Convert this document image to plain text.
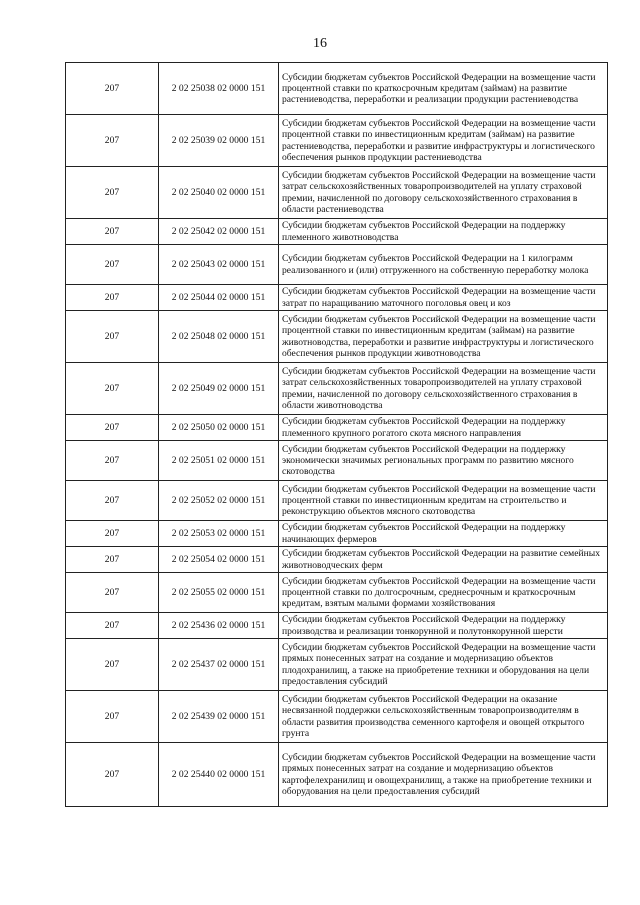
16
207	2 02 25038 02 0000 151	Субсидии бюджетам субъектов Российской Федерации на возмещение части процентной ставки по краткосрочным кредитам (займам) на развитие растениеводства, переработки и реализации продукции растениеводства
207	2 02 25039 02 0000 151	Субсидии бюджетам субъектов Российской Федерации на возмещение части процентной ставки по инвестиционным кредитам (займам) на развитие растениеводства, переработки и развитие инфраструктуры и логистического обеспечения рынков продукции растениеводства
207	2 02 25040 02 0000 151	Субсидии бюджетам субъектов Российской Федерации на возмещение части затрат сельскохозяйственных товаропроизводителей на уплату страховой премии, начисленной по договору сельскохозяйственного страхования в области растениеводства
207	2 02 25042 02 0000 151	Субсидии бюджетам субъектов Российской Федерации на поддержку племенного животноводства
207	2 02 25043 02 0000 151	Субсидии бюджетам субъектов Российской Федерации на 1 килограмм реализованного и (или) отгруженного на собственную переработку молока
207	2 02 25044 02 0000 151	Субсидии бюджетам субъектов Российской Федерации на возмещение части затрат по наращиванию маточного поголовья овец и коз
207	2 02 25048 02 0000 151	Субсидии бюджетам субъектов Российской Федерации на возмещение части процентной ставки по инвестиционным кредитам (займам) на развитие животноводства, переработки и развитие инфраструктуры и логистического обеспечения рынков продукции животноводства
207	2 02 25049 02 0000 151	Субсидии бюджетам субъектов Российской Федерации на возмещение части затрат сельскохозяйственных товаропроизводителей на уплату страховой премии, начисленной по договору сельскохозяйственного страхования в области животноводства
207	2 02 25050 02 0000 151	Субсидии бюджетам субъектов Российской Федерации на поддержку племенного крупного рогатого скота мясного направления
207	2 02 25051 02 0000 151	Субсидии бюджетам субъектов Российской Федерации на поддержку экономически значимых региональных программ по развитию мясного скотоводства
207	2 02 25052 02 0000 151	Субсидии бюджетам субъектов Российской Федерации на возмещение части процентной ставки по инвестиционным кредитам на строительство и реконструкцию объектов мясного скотоводства
207	2 02 25053 02 0000 151	Субсидии бюджетам субъектов Российской Федерации на поддержку начинающих фермеров
207	2 02 25054 02 0000 151	Субсидии бюджетам субъектов Российской Федерации на развитие семейных животноводческих ферм
207	2 02 25055 02 0000 151	Субсидии бюджетам субъектов Российской Федерации на возмещение части процентной ставки по долгосрочным, среднесрочным и краткосрочным кредитам, взятым малыми формами хозяйствования
207	2 02 25436 02 0000 151	Субсидии бюджетам субъектов Российской Федерации на поддержку производства и реализации тонкорунной и полутонкорунной шерсти
207	2 02 25437 02 0000 151	Субсидии бюджетам субъектов Российской Федерации на возмещение части прямых понесенных затрат на создание и модернизацию объектов плодохранилищ, а также на приобретение техники и оборудования на цели предоставления субсидий
207	2 02 25439 02 0000 151	Субсидии бюджетам субъектов Российской Федерации на оказание несвязанной поддержки сельскохозяйственным товаропроизводителям в области развития производства семенного картофеля и овощей открытого грунта
207	2 02 25440 02 0000 151	Субсидии бюджетам субъектов Российской Федерации на возмещение части прямых понесенных затрат на создание и модернизацию объектов картофелехранилищ и овощехранилищ, а также на приобретение техники и оборудования на цели предоставления субсидий
